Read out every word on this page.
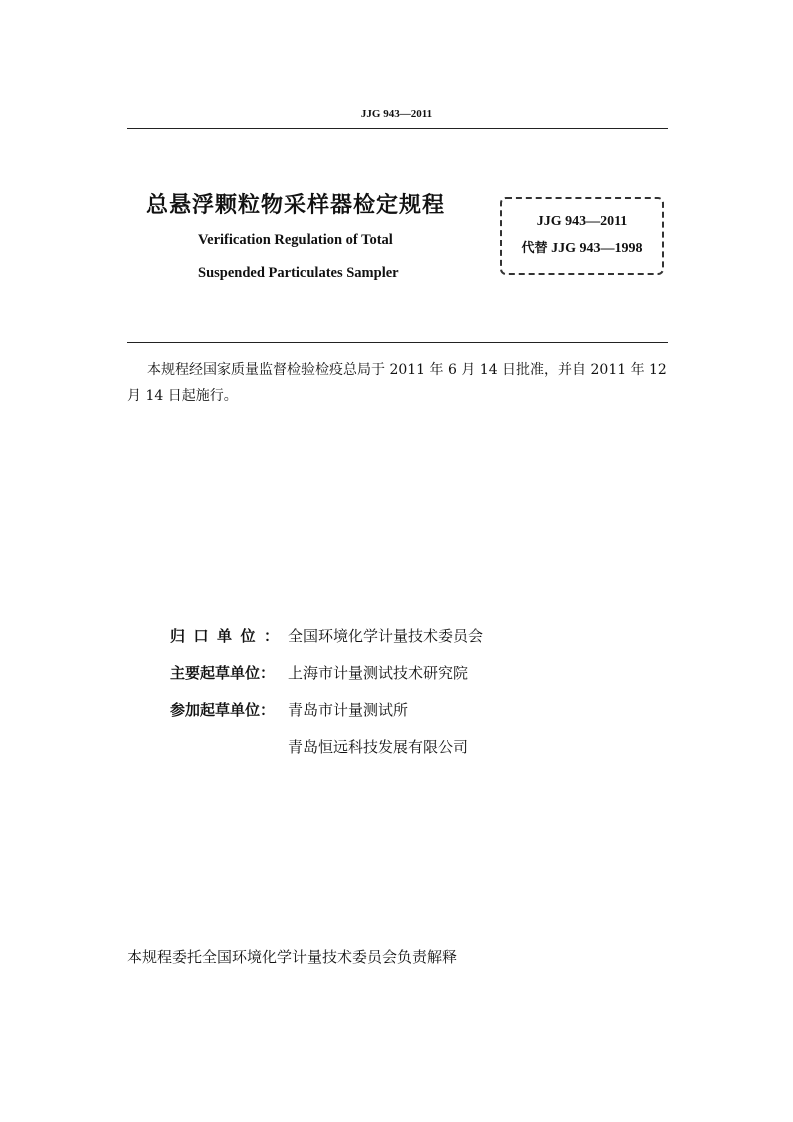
JJG 943—2011
总悬浮颗粒物采样器检定规程
Verification Regulation of Total
Suspended Particulates Sampler
JJG 943—2011
代替 JJG 943—1998
本规程经国家质量监督检验检疫总局于 2011 年 6 月 14 日批准，并自 2011 年 12 月 14 日起施行。
归口单位：全国环境化学计量技术委员会
主要起草单位： 上海市计量测试技术研究院
参加起草单位： 青岛市计量测试所
青岛恒远科技发展有限公司
本规程委托全国环境化学计量技术委员会负责解释
